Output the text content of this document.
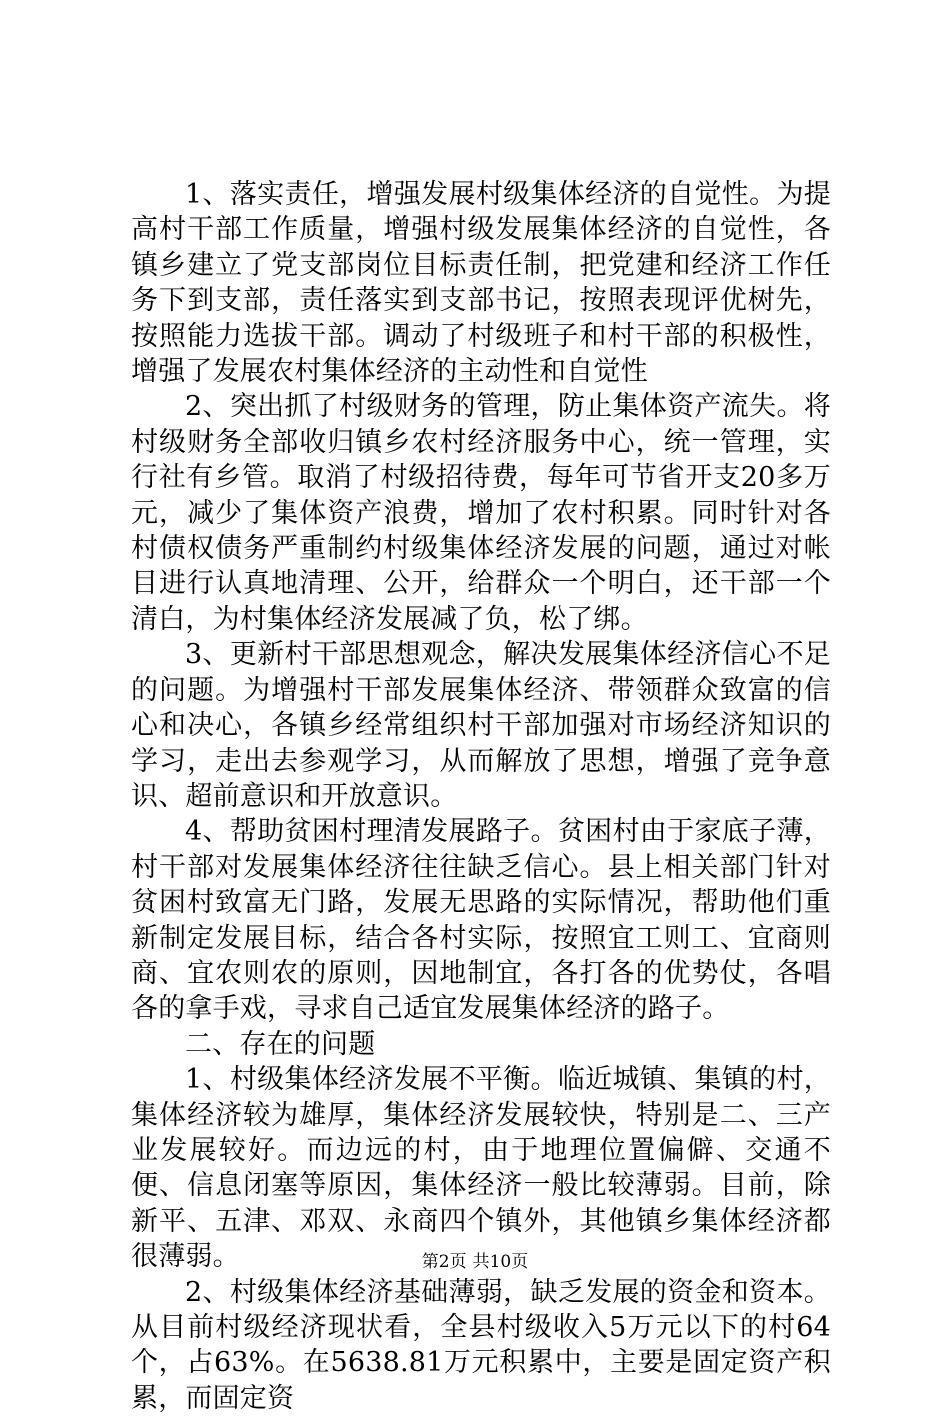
1、落实责任，增强发展村级集体经济的自觉性。为提高村干部工作质量，增强村级发展集体经济的自觉性，各镇乡建立了党支部岗位目标责任制，把党建和经济工作任务下到支部，责任落实到支部书记，按照表现评优树先，按照能力选拔干部。调动了村级班子和村干部的积极性，增强了发展农村集体经济的主动性和自觉性

2、突出抓了村级财务的管理，防止集体资产流失。将村级财务全部收归镇乡农村经济服务中心，统一管理，实行社有乡管。取消了村级招待费，每年可节省开支20多万元，减少了集体资产浪费，增加了农村积累。同时针对各村债权债务严重制约村级集体经济发展的问题，通过对帐目进行认真地清理、公开，给群众一个明白，还干部一个清白，为村集体经济发展减了负，松了绑。

3、更新村干部思想观念，解决发展集体经济信心不足的问题。为增强村干部发展集体经济、带领群众致富的信心和决心，各镇乡经常组织村干部加强对市场经济知识的学习，走出去参观学习，从而解放了思想，增强了竞争意识、超前意识和开放意识。

4、帮助贫困村理清发展路子。贫困村由于家底子薄，村干部对发展集体经济往往缺乏信心。县上相关部门针对贫困村致富无门路，发展无思路的实际情况，帮助他们重新制定发展目标，结合各村实际，按照宜工则工、宜商则商、宜农则农的原则，因地制宜，各打各的优势仗，各唱各的拿手戏，寻求自己适宜发展集体经济的路子。

二、存在的问题

1、村级集体经济发展不平衡。临近城镇、集镇的村，集体经济较为雄厚，集体经济发展较快，特别是二、三产业发展较好。而边远的村，由于地理位置偏僻、交通不便、信息闭塞等原因，集体经济一般比较薄弱。目前，除新平、五津、邓双、永商四个镇外，其他镇乡集体经济都很薄弱。

2、村级集体经济基础薄弱，缺乏发展的资金和资本。从目前村级经济现状看，全县村级收入5万元以下的村64个，占63%。在5638.81万元积累中，主要是固定资产积累，而固定资

第2页 共10页
